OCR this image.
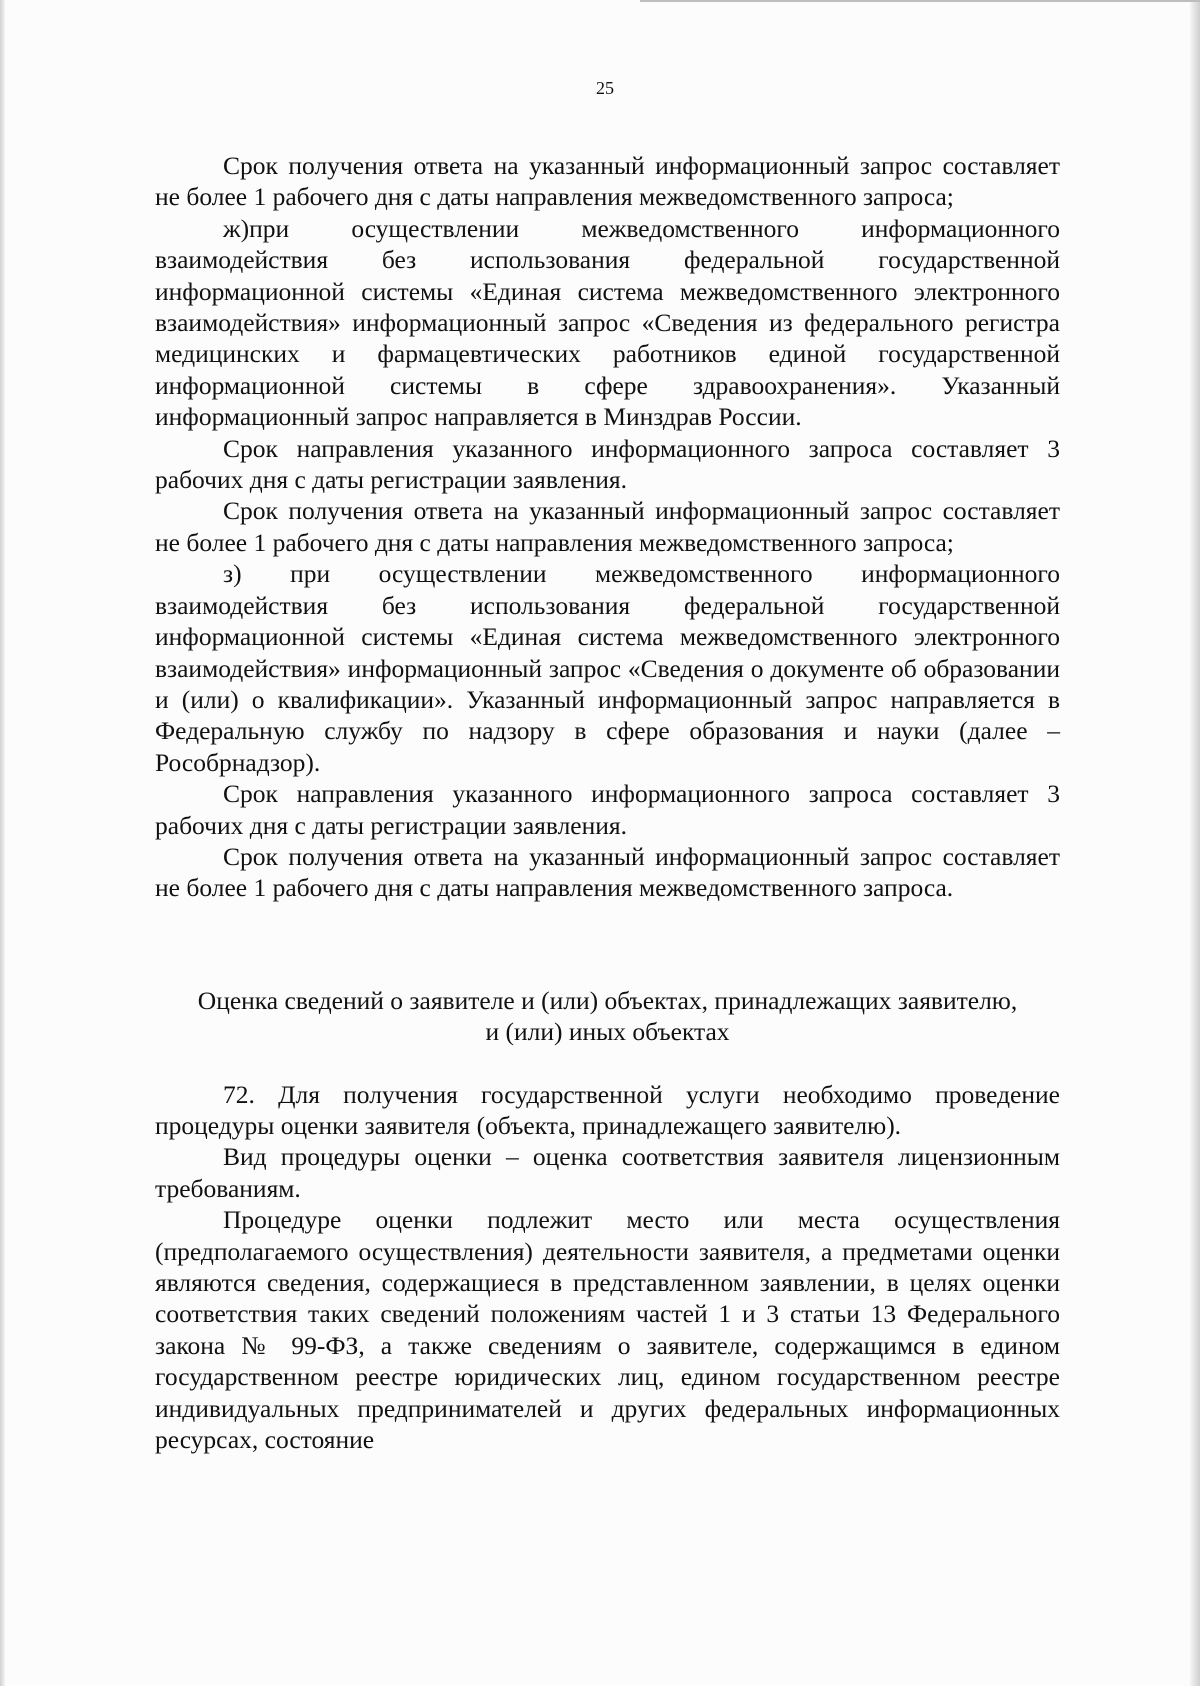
25

Срок получения ответа на указанный информационный запрос составляет не более 1 рабочего дня с даты направления межведомственного запроса;

ж)при осуществлении межведомственного информационного взаимодействия без использования федеральной государственной информационной системы «Единая система межведомственного электронного взаимодействия» информационный запрос «Сведения из федерального регистра медицинских и фармацевтических работников единой государственной информационной системы в сфере здравоохранения». Указанный информационный запрос направляется в Минздрав России.

Срок направления указанного информационного запроса составляет 3 рабочих дня с даты регистрации заявления.

Срок получения ответа на указанный информационный запрос составляет не более 1 рабочего дня с даты направления межведомственного запроса;

з) при осуществлении межведомственного информационного взаимодействия без использования федеральной государственной информационной системы «Единая система межведомственного электронного взаимодействия» информационный запрос «Сведения о документе об образовании и (или) о квалификации». Указанный информационный запрос направляется в Федеральную службу по надзору в сфере образования и науки (далее – Рособрнадзор).

Срок направления указанного информационного запроса составляет 3 рабочих дня с даты регистрации заявления.

Срок получения ответа на указанный информационный запрос составляет не более 1 рабочего дня с даты направления межведомственного запроса.

Оценка сведений о заявителе и (или) объектах, принадлежащих заявителю,
и (или) иных объектах

72. Для получения государственной услуги необходимо проведение процедуры оценки заявителя (объекта, принадлежащего заявителю).

Вид процедуры оценки – оценка соответствия заявителя лицензионным требованиям.

Процедуре оценки подлежит место или места осуществления (предполагаемого осуществления) деятельности заявителя, а предметами оценки являются сведения, содержащиеся в представленном заявлении, в целях оценки соответствия таких сведений положениям частей 1 и 3 статьи 13 Федерального закона № 99-ФЗ, а также сведениям о заявителе, содержащимся в едином государственном реестре юридических лиц, едином государственном реестре индивидуальных предпринимателей и других федеральных информационных ресурсах, состояние
